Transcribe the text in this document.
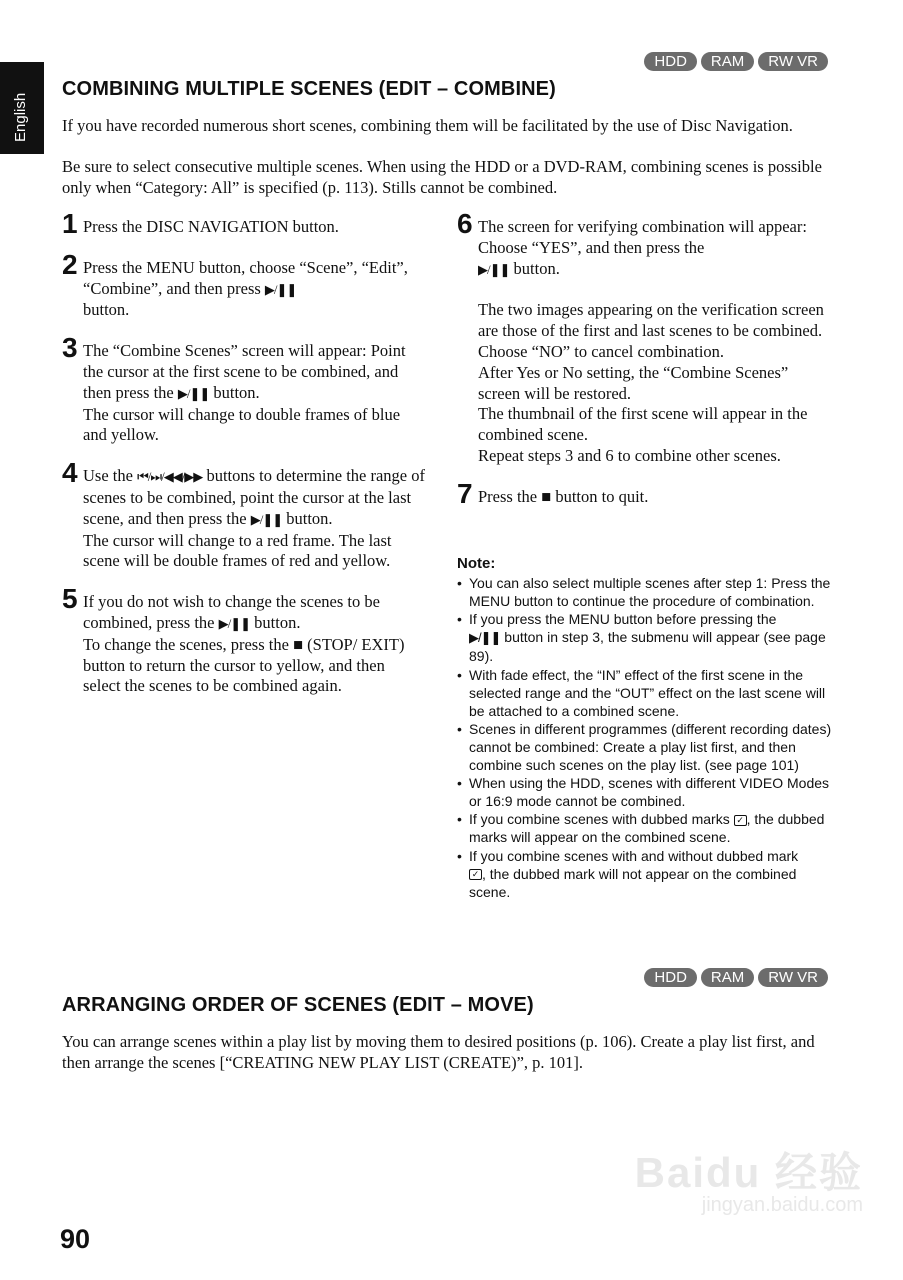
English
HDD	RAM	RW VR
COMBINING MULTIPLE SCENES (EDIT – COMBINE)

If you have recorded numerous short scenes, combining them will be facilitated by the use of Disc Navigation.

Be sure to select consecutive multiple scenes. When using the HDD or a DVD-RAM, combining scenes is possible only when “Category: All” is specified (p. 113). Stills cannot be combined.

1 Press the DISC NAVIGATION button.

2 Press the MENU button, choose “Scene”, “Edit”, “Combine”, and then press ▶/❚❚
button.

3 The “Combine Scenes” screen will appear: Point the cursor at the first scene to be combined, and then press the ▶/❚❚ button.

The cursor will change to double frames of blue and yellow.

4 Use the ⏮/⏭/◀◀/▶▶ buttons to determine the range of scenes to be combined, point the cursor at the last scene, and then press the ▶/❚❚ button.

The cursor will change to a red frame. The last scene will be double frames of red and yellow.

5 If you do not wish to change the scenes to be combined, press the ▶/❚❚ button.

To change the scenes, press the ■ (STOP/ EXIT) button to return the cursor to yellow, and then select the scenes to be combined again.

6 The screen for verifying combination will appear: Choose “YES”, and then press the
▶/❚❚ button.

The two images appearing on the verification screen are those of the first and last scenes to be combined.

Choose “NO” to cancel combination.

After Yes or No setting, the “Combine Scenes” screen will be restored.

The thumbnail of the first scene will appear in the combined scene.

Repeat steps 3 and 6 to combine other scenes.

7 Press the ■ button to quit.

Note:
• You can also select multiple scenes after step 1: Press the MENU button to continue the procedure of combination.
• If you press the MENU button before pressing the
▶/❚❚ button in step 3, the submenu will appear (see page 89).
• With fade effect, the “IN” effect of the first scene in the selected range and the “OUT” effect on the last scene will be attached to a combined scene.
• Scenes in different programmes (different recording dates) cannot be combined: Create a play list first, and then combine such scenes on the play list. (see page 101)
• When using the HDD, scenes with different VIDEO Modes or 16:9 mode cannot be combined.
• If you combine scenes with dubbed marks ✓ , the dubbed marks will appear on the combined scene.
• If you combine scenes with and without dubbed mark
✓ , the dubbed mark will not appear on the combined scene.
HDD	RAM	RW VR
ARRANGING ORDER OF SCENES (EDIT – MOVE)

You can arrange scenes within a play list by moving them to desired positions (p. 106). Create a play list first, and then arrange the scenes [“CREATING NEW PLAY LIST (CREATE)”, p. 101].

Baidu 经验
jingyan.baidu.com
90
